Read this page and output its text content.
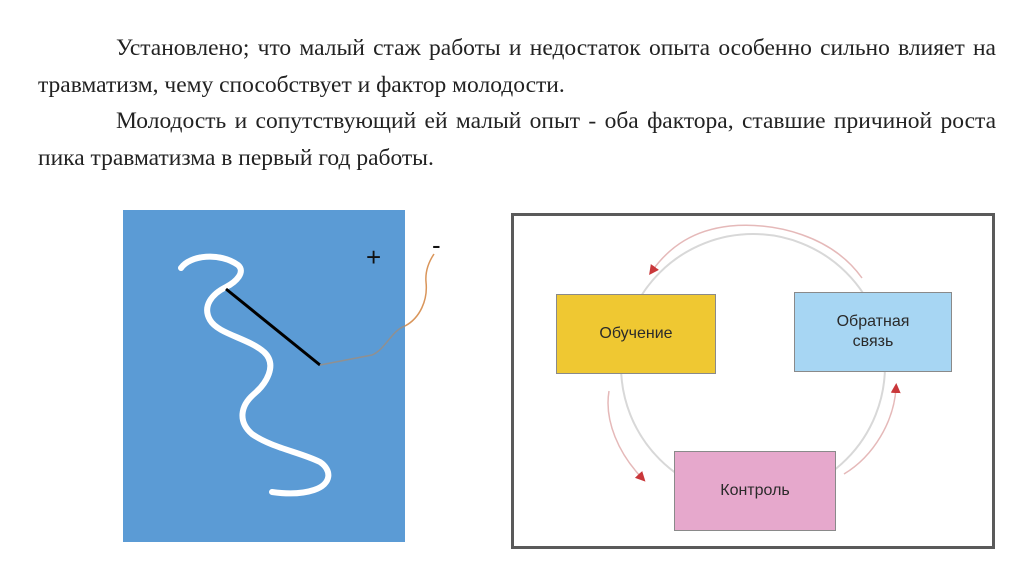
Установлено; что малый стаж работы и недостаток опыта особенно сильно влияет на травматизм, чему способствует и фактор молодости.

Молодость и сопутствующий ей малый опыт - оба фактора, ставшие причиной роста пика травматизма в первый год работы.

+ -
Обучение
Обратная
связь
Контроль
